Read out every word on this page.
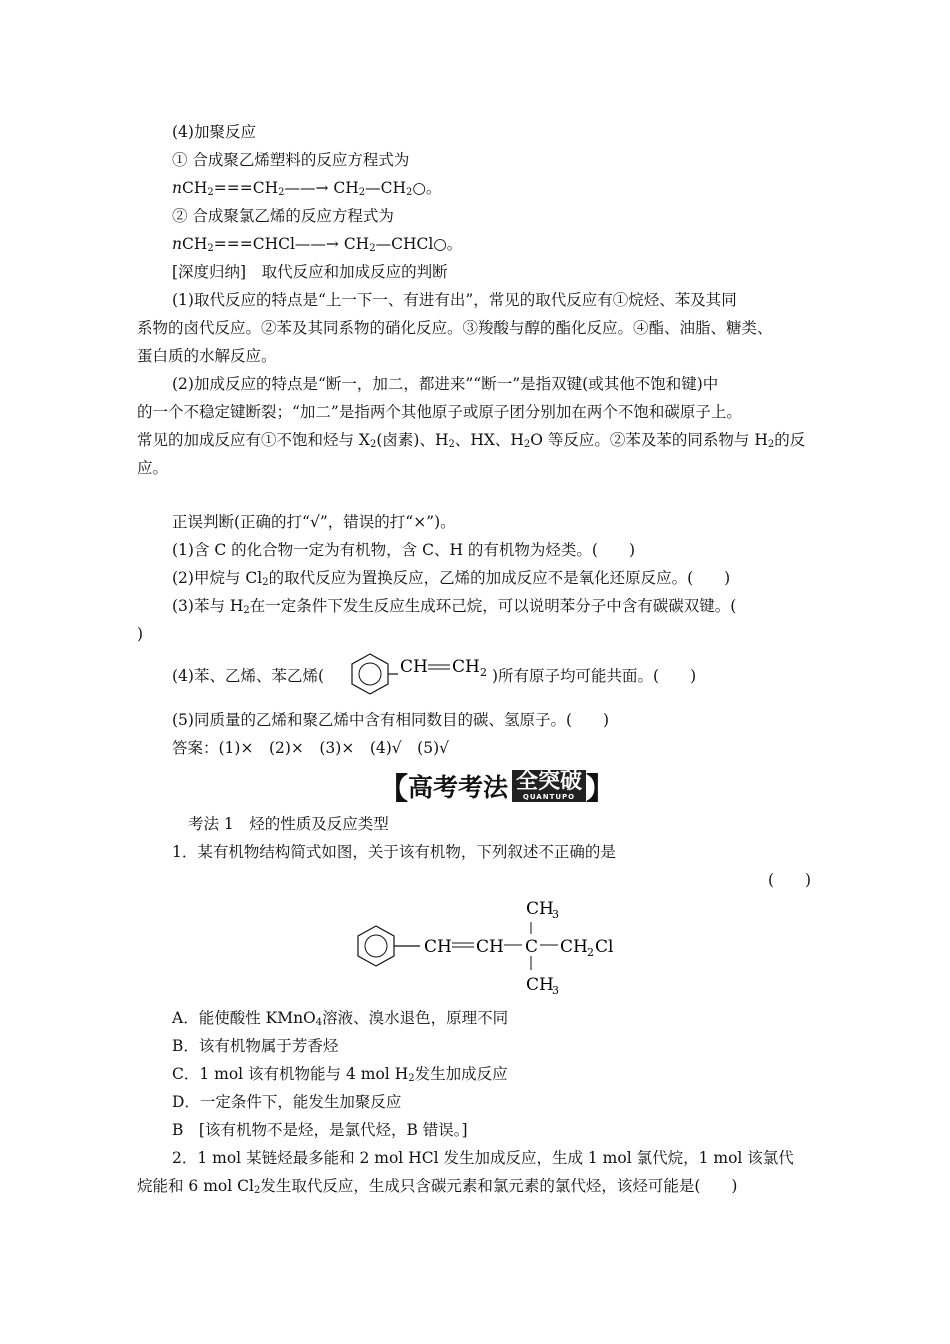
(4)加聚反应
① 合成聚乙烯塑料的反应方程式为
$nCH_2===CH_2——\to$ $CH_2—CH_2○$。
② 合成聚氯乙烯的反应方程式为
nCH$_2$===CHCl——→ $CH_2—CHCl○$。
[深度归纳]　取代反应和加成反应的判断
(1)取代反应的特点是“上一下一、有进有出”，常见的取代反应有①烷烃、苯及其同
系物的卤代反应。②苯及其同系物的硝化反应。③羧酸与醇的酯化反应。④酯、油脂、糖类、
蛋白质的水解反应。
(2)加成反应的特点是“断一，加二，都进来”“断一”是指双键(或其他不饱和键)中
的一个不稳定键断裂；“加二”是指两个其他原子或原子团分别加在两个不饱和碳原子上。
常见的加成反应有①不饱和烃与 $X_2$(卤素)、$H_2$、HX、$H_2O$ 等反应。②苯及苯的同系物与 $H_2$的反
应。
正误判断(正确的打“√”，错误的打“×”)。
(1)含 C 的化合物一定为有机物，含 C、H 的有机物为烃类。(　　)
(2)甲烷与 $Cl_2$的取代反应为置换反应，乙烯的加成反应不是氧化还原反应。(　　)
(3)苯与 $H_2$在一定条件下发生反应生成环己烷，可以说明苯分子中含有碳碳双键。(
)
(4)苯、乙烯、苯乙烯(	CH CH 2 )所有原子均可能共面。(　　)
(5)同质量的乙烯和聚乙烯中含有相同数目的碳、氢原子。(　　)
答案：(1)×　(2)×　(3)×　(4)√　(5)√
【 高考考法 全突破
QUANTUPO 】
考法 1　烃的性质及反应类型
1．某有机物结构简式如图，关于该有机物，下列叙述不正确的是
(　　)
CH CH C
CH
3
CH
3
CH 2 Cl
A．能使酸性 KMnO$_4$溶液、溴水退色，原理不同
B．该有机物属于芳香烃
C．1 mol 该有机物能与 4 mol $H_2$发生加成反应
D．一定条件下，能发生加聚反应
B　[该有机物不是烃，是氯代烃，B 错误。]
2．1 mol 某链烃最多能和 2 mol HCl 发生加成反应，生成 1 mol 氯代烷，1 mol 该氯代
烷能和 6 mol $Cl_2$发生取代反应，生成只含碳元素和氯元素的氯代烃，该烃可能是(　　)
